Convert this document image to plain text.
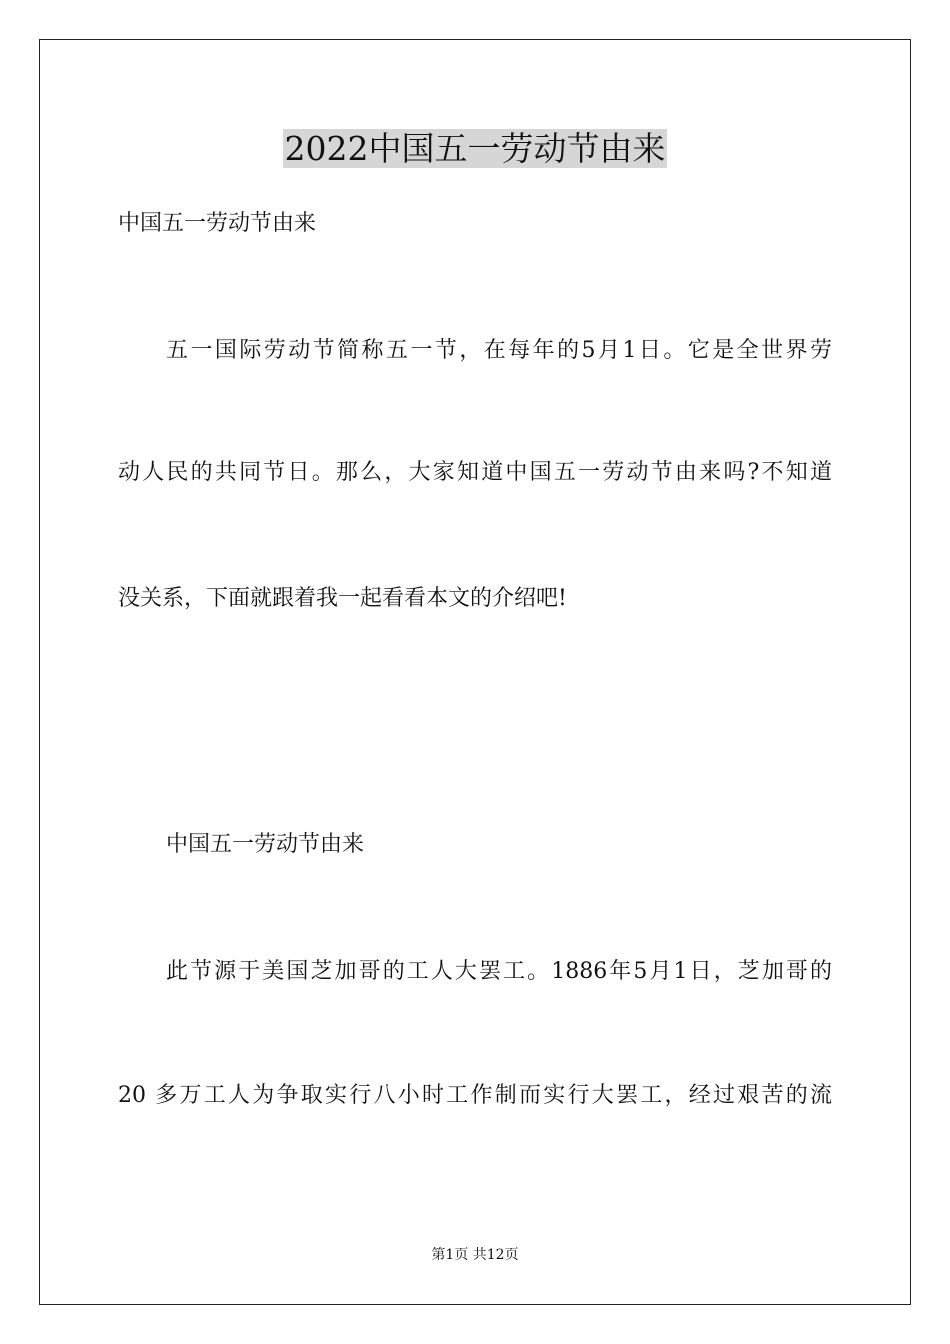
2022中国五一劳动节由来

中国五一劳动节由来

五一国际劳动节简称五一节，在每年的5月1日。它是全世界劳

动人民的共同节日。那么，大家知道中国五一劳动节由来吗?不知道

没关系，下面就跟着我一起看看本文的介绍吧!

中国五一劳动节由来

此节源于美国芝加哥的工人大罢工。1886年5月1日，芝加哥的

20 多万工人为争取实行八小时工作制而实行大罢工，经过艰苦的流

第1页 共12页
